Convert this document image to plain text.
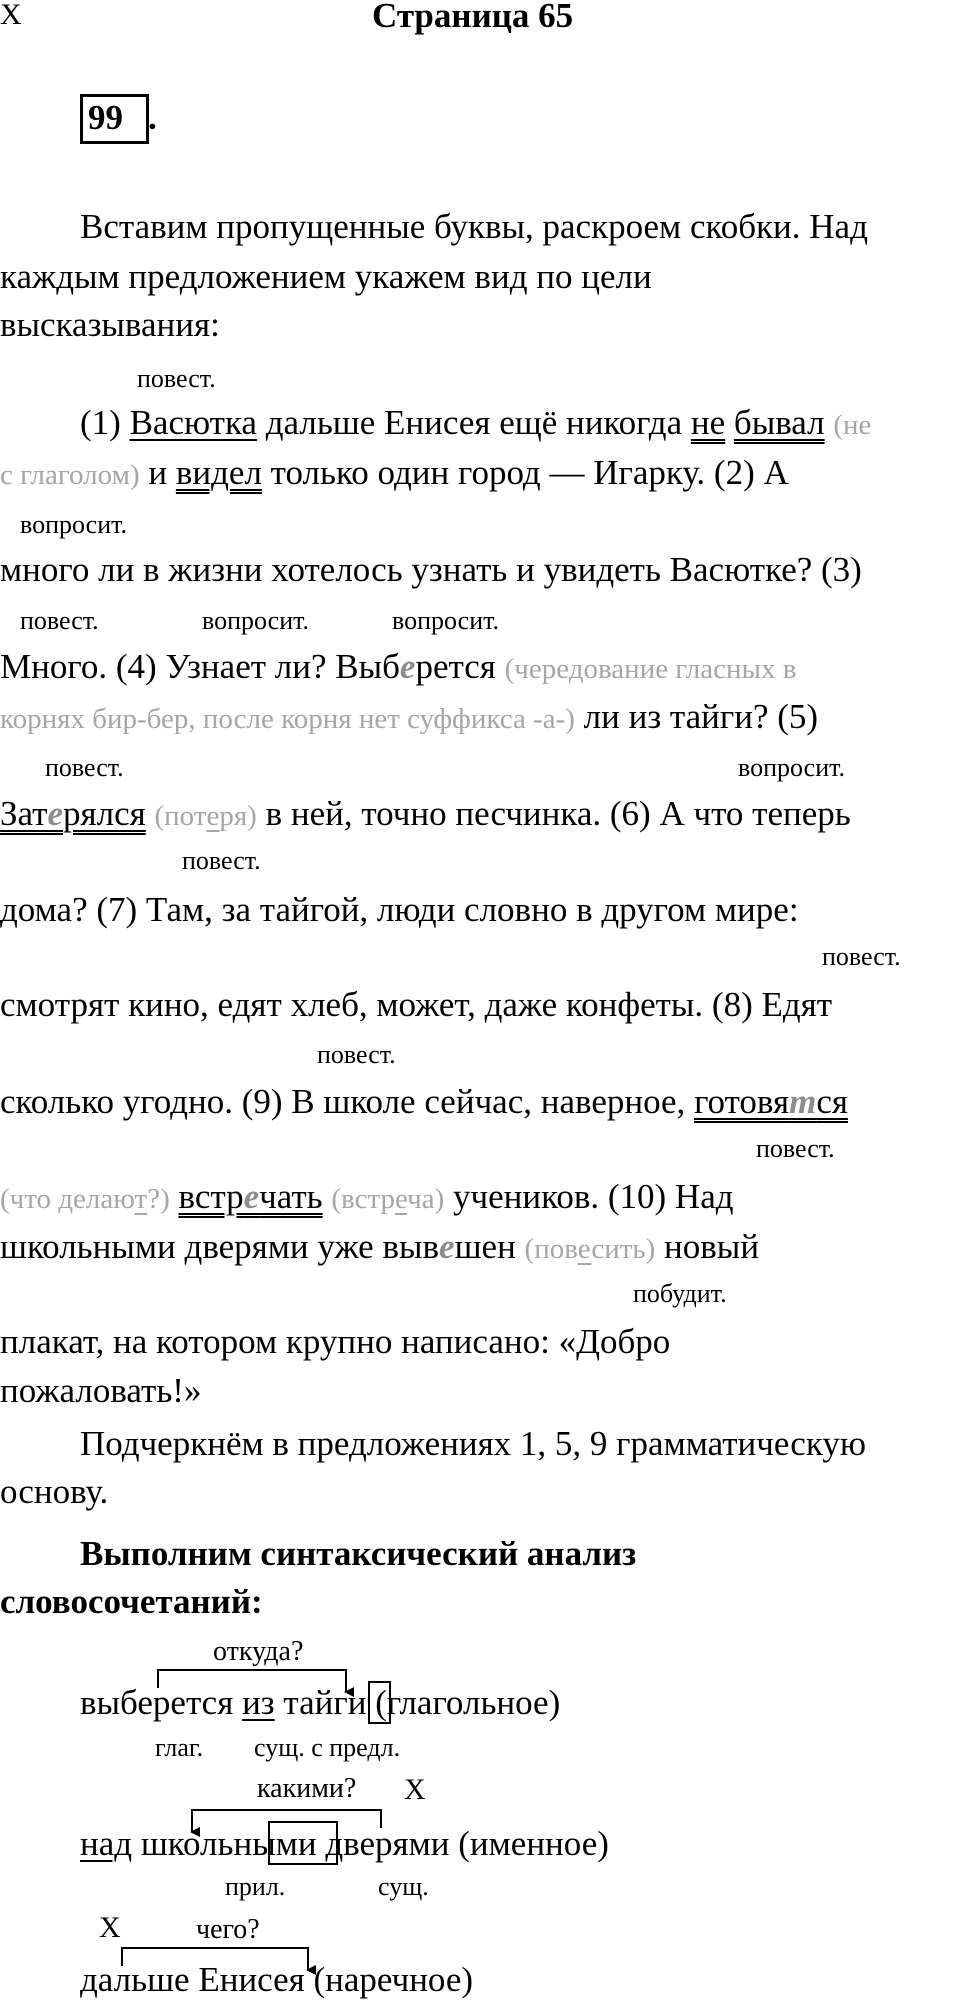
Страница 65
99 .
Вставим пропущенные буквы, раскроем скобки. Над
каждым предложением укажем вид по цели
высказывания:
повест.
(1) Васютка дальше Енисея ещё никогда не бывал (не
с глаголом) и видел только один город — Игарку. (2) А
вопросит.
много ли в жизни хотелось узнать и увидеть Васютке? (3)
повест.	вопросит.	вопросит.
Много. (4) Узнает ли? Выберется (чередование гласных в
корнях бир-бер, после корня нет суффикса -а-) ли из тайги? (5)
повест.	вопросит.
Затерялся (потеря) в ней, точно песчинка. (6) А что теперь
повест.
дома? (7) Там, за тайгой, люди словно в другом мире:
повест.
смотрят кино, едят хлеб, может, даже конфеты. (8) Едят
повест.
сколько угодно. (9) В школе сейчас, наверное, готовятся
повест.
(что делают?) встречать (встреча) учеников. (10) Над
школьными дверями уже вывешен (повесить) новый
побудит.
плакат, на котором крупно написано: «Добро
пожаловать!»
Подчеркнём в предложениях 1, 5, 9 грамматическую
основу.
Выполним синтаксический анализ
словосочетаний:
X
откуда?
выберется из тайги (глагольное)
глаг. сущ. с предл.
какими? X
над школьными дверями (именное)
прил.	сущ.
X	чего?
дальше Енисея (наречное)
